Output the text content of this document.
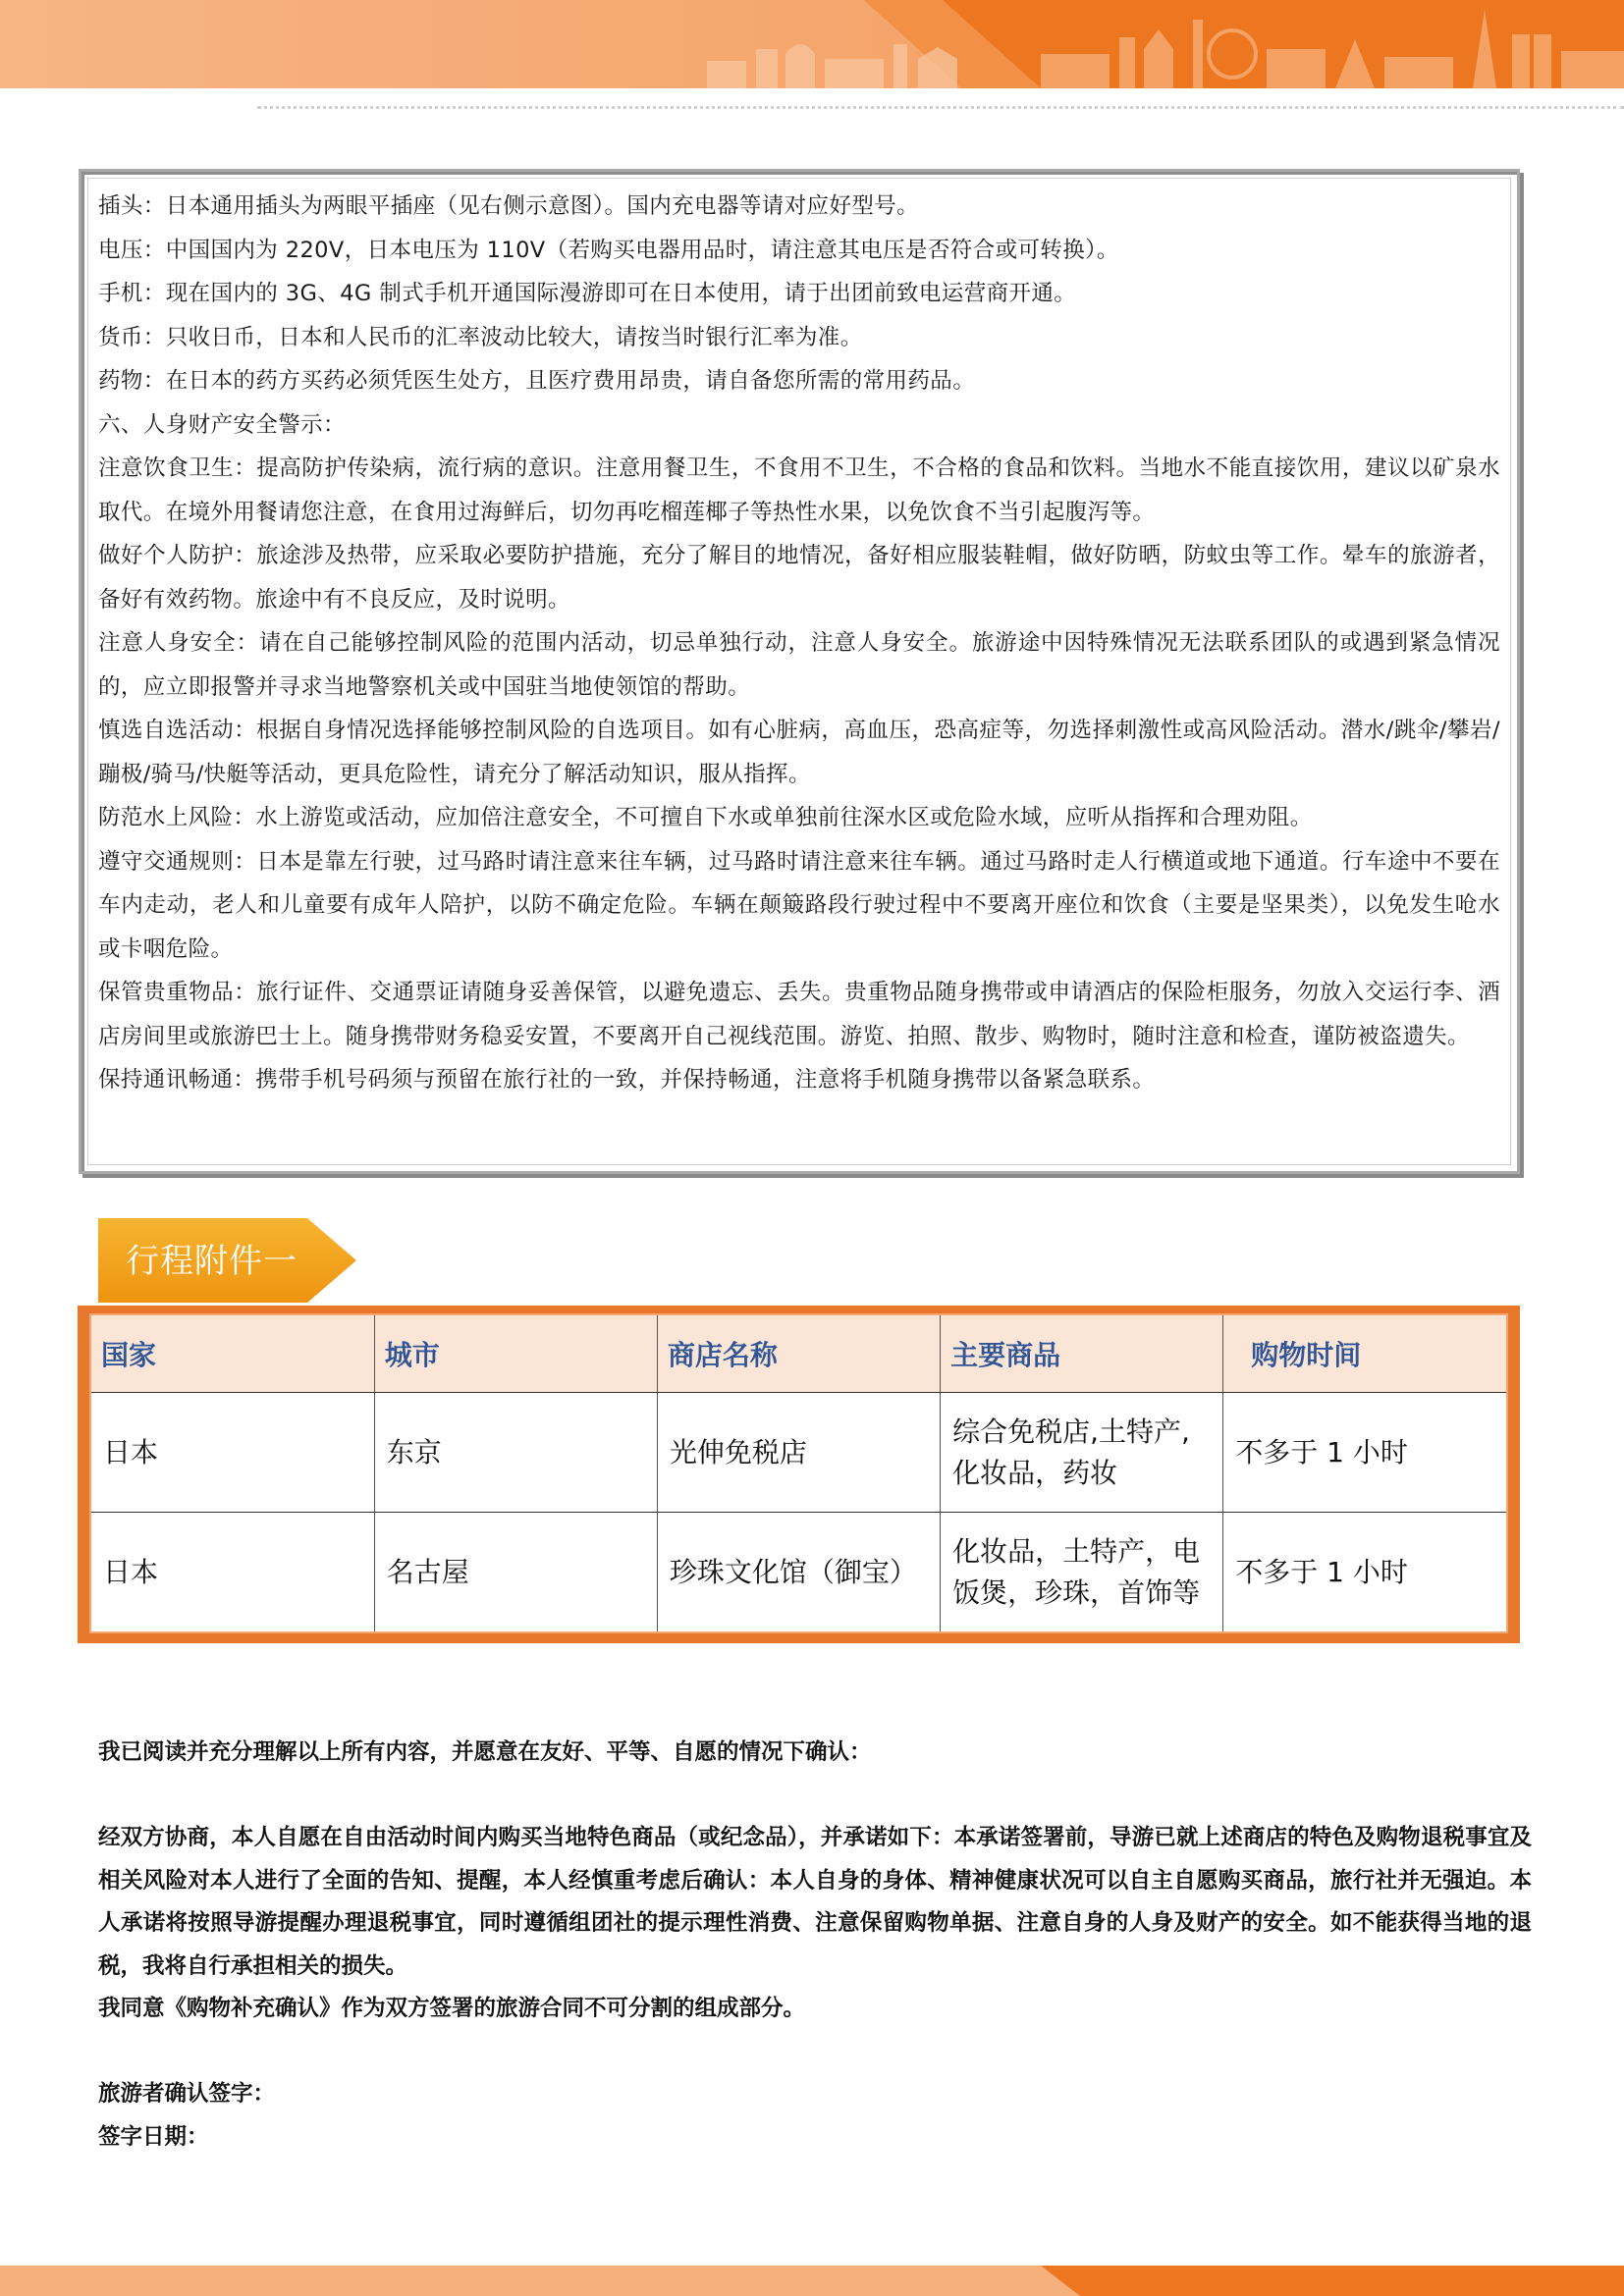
插头：日本通用插头为两眼平插座（见右侧示意图）。国内充电器等请对应好型号。

电压：中国国内为 220V，日本电压为 110V（若购买电器用品时，请注意其电压是否符合或可转换）。

手机：现在国内的 3G、4G 制式手机开通国际漫游即可在日本使用，请于出团前致电运营商开通。

货币：只收日币，日本和人民币的汇率波动比较大，请按当时银行汇率为准。

药物：在日本的药方买药必须凭医生处方，且医疗费用昂贵，请自备您所需的常用药品。

六、人身财产安全警示：

注意饮食卫生：提高防护传染病，流行病的意识。注意用餐卫生，不食用不卫生，不合格的食品和饮料。当地水不能直接饮用，建议以矿泉水取代。在境外用餐请您注意，在食用过海鲜后，切勿再吃榴莲椰子等热性水果，以免饮食不当引起腹泻等。

做好个人防护：旅途涉及热带，应采取必要防护措施，充分了解目的地情况，备好相应服装鞋帽，做好防晒，防蚊虫等工作。晕车的旅游者，备好有效药物。旅途中有不良反应，及时说明。

注意人身安全：请在自己能够控制风险的范围内活动，切忌单独行动，注意人身安全。旅游途中因特殊情况无法联系团队的或遇到紧急情况的，应立即报警并寻求当地警察机关或中国驻当地使领馆的帮助。

慎选自选活动：根据自身情况选择能够控制风险的自选项目。如有心脏病，高血压，恐高症等，勿选择刺激性或高风险活动。潜水/跳伞/攀岩/蹦极/骑马/快艇等活动，更具危险性，请充分了解活动知识，服从指挥。

防范水上风险：水上游览或活动，应加倍注意安全，不可擅自下水或单独前往深水区或危险水域，应听从指挥和合理劝阻。

遵守交通规则：日本是靠左行驶，过马路时请注意来往车辆，过马路时请注意来往车辆。通过马路时走人行横道或地下通道。行车途中不要在车内走动，老人和儿童要有成年人陪护，以防不确定危险。车辆在颠簸路段行驶过程中不要离开座位和饮食（主要是坚果类），以免发生呛水或卡咽危险。

保管贵重物品：旅行证件、交通票证请随身妥善保管，以避免遗忘、丢失。贵重物品随身携带或申请酒店的保险柜服务，勿放入交运行李、酒店房间里或旅游巴士上。随身携带财务稳妥安置，不要离开自己视线范围。游览、拍照、散步、购物时，随时注意和检查，谨防被盗遗失。

保持通讯畅通：携带手机号码须与预留在旅行社的一致，并保持畅通，注意将手机随身携带以备紧急联系。

行程附件一
国家	城市	商店名称	主要商品	购物时间
日本	东京	光伸免税店	综合免税店,土特产,化妆品，药妆	不多于 1 小时
日本	名古屋	珍珠文化馆（御宝）	化妆品，土特产，电饭煲，珍珠，首饰等	不多于 1 小时

我已阅读并充分理解以上所有内容，并愿意在友好、平等、自愿的情况下确认：

经双方协商，本人自愿在自由活动时间内购买当地特色商品（或纪念品），并承诺如下：本承诺签署前，导游已就上述商店的特色及购物退税事宜及相关风险对本人进行了全面的告知、提醒，本人经慎重考虑后确认：本人自身的身体、精神健康状况可以自主自愿购买商品，旅行社并无强迫。本人承诺将按照导游提醒办理退税事宜，同时遵循组团社的提示理性消费、注意保留购物单据、注意自身的人身及财产的安全。如不能获得当地的退税，我将自行承担相关的损失。

我同意《购物补充确认》作为双方签署的旅游合同不可分割的组成部分。

旅游者确认签字：

签字日期：
